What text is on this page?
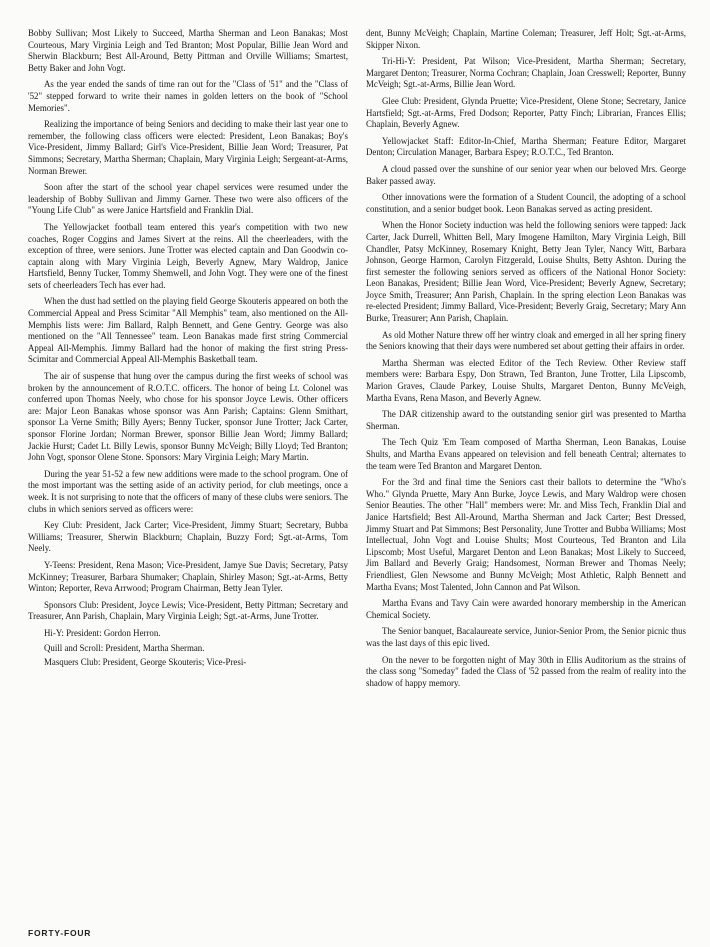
Bobby Sullivan; Most Likely to Succeed, Martha Sherman and Leon Banakas; Most Courteous, Mary Virginia Leigh and Ted Branton; Most Popular, Billie Jean Word and Sherwin Blackburn; Best All-Around, Betty Pittman and Orville Williams; Smartest, Betty Baker and John Vogt.

As the year ended the sands of time ran out for the "Class of '51" and the "Class of '52" stepped forward to write their names in golden letters on the book of "School Memories".

Realizing the importance of being Seniors and deciding to make their last year one to remember, the following class officers were elected: President, Leon Banakas; Boy's Vice-President, Jimmy Ballard; Girl's Vice-President, Billie Jean Word; Treasurer, Pat Simmons; Secretary, Martha Sherman; Chaplain, Mary Virginia Leigh; Sergeant-at-Arms, Norman Brewer.

Soon after the start of the school year chapel services were resumed under the leadership of Bobby Sullivan and Jimmy Garner. These two were also officers of the "Young Life Club" as were Janice Hartsfield and Franklin Dial.

The Yellowjacket football team entered this year's competition with two new coaches, Roger Coggins and James Sivert at the reins. All the cheerleaders, with the exception of three, were seniors. June Trotter was elected captain and Dan Goodwin co-captain along with Mary Virginia Leigh, Beverly Agnew, Mary Waldrop, Janice Hartsfield, Benny Tucker, Tommy Shemwell, and John Vogt. They were one of the finest sets of cheerleaders Tech has ever had.

When the dust had settled on the playing field George Skouteris appeared on both the Commercial Appeal and Press Scimitar "All Memphis" team, also mentioned on the All-Memphis lists were: Jim Ballard, Ralph Bennett, and Gene Gentry. George was also mentioned on the "All Tennessee" team. Leon Banakas made first string Commercial Appeal All-Memphis. Jimmy Ballard had the honor of making the first string Press-Scimitar and Commercial Appeal All-Memphis Basketball team.

The air of suspense that hung over the campus during the first weeks of school was broken by the announcement of R.O.T.C. officers. The honor of being Lt. Colonel was conferred upon Thomas Neely, who chose for his sponsor Joyce Lewis. Other officers are: Major Leon Banakas whose sponsor was Ann Parish; Captains: Glenn Smithart, sponsor La Verne Smith; Billy Ayers; Benny Tucker, sponsor June Trotter; Jack Carter, sponsor Florine Jordan; Norman Brewer, sponsor Billie Jean Word; Jimmy Ballard; Jackie Hurst; Cadet Lt. Billy Lewis, sponsor Bunny McVeigh; Billy Lloyd; Ted Branton; John Vogt, sponsor Olene Stone. Sponsors: Mary Virginia Leigh; Mary Martin.

During the year 51-52 a few new additions were made to the school program. One of the most important was the setting aside of an activity period, for club meetings, once a week. It is not surprising to note that the officers of many of these clubs were seniors. The clubs in which seniors served as officers were:

Key Club: President, Jack Carter; Vice-President, Jimmy Stuart; Secretary, Bubba Williams; Treasurer, Sherwin Blackburn; Chaplain, Buzzy Ford; Sgt.-at-Arms, Tom Neely.

Y-Teens: President, Rena Mason; Vice-President, Jamye Sue Davis; Secretary, Patsy McKinney; Treasurer, Barbara Shumaker; Chaplain, Shirley Mason; Sgt.-at-Arms, Betty Winton; Reporter, Reva Arrwood; Program Chairman, Betty Jean Tyler.

Sponsors Club: President, Joyce Lewis; Vice-President, Betty Pittman; Secretary and Treasurer, Ann Parish, Chaplain, Mary Virginia Leigh; Sgt.-at-Arms, June Trotter.

Hi-Y: President: Gordon Herron.

Quill and Scroll: President, Martha Sherman.

Masquers Club: President, George Skouteris; Vice-Presi-

dent, Bunny McVeigh; Chaplain, Martine Coleman; Treasurer, Jeff Holt; Sgt.-at-Arms, Skipper Nixon.

Tri-Hi-Y: President, Pat Wilson; Vice-President, Martha Sherman; Secretary, Margaret Denton; Treasurer, Norma Cochran; Chaplain, Joan Cresswell; Reporter, Bunny McVeigh; Sgt.-at-Arms, Billie Jean Word.

Glee Club: President, Glynda Pruette; Vice-President, Olene Stone; Secretary, Janice Hartsfield; Sgt.-at-Arms, Fred Dodson; Reporter, Patty Finch; Librarian, Frances Ellis; Chaplain, Beverly Agnew.

Yellowjacket Staff: Editor-In-Chief, Martha Sherman; Feature Editor, Margaret Denton; Circulation Manager, Barbara Espey; R.O.T.C., Ted Branton.

A cloud passed over the sunshine of our senior year when our beloved Mrs. George Baker passed away.

Other innovations were the formation of a Student Council, the adopting of a school constitution, and a senior budget book. Leon Banakas served as acting president.

When the Honor Society induction was held the following seniors were tapped: Jack Carter, Jack Durrell, Whitten Bell, Mary Imogene Hamilton, Mary Virginia Leigh, Bill Chandler, Patsy McKinney, Rosemary Knight, Betty Jean Tyler, Nancy Witt, Barbara Johnson, George Harmon, Carolyn Fitzgerald, Louise Shults, Betty Ashton. During the first semester the following seniors served as officers of the National Honor Society: Leon Banakas, President; Billie Jean Word, Vice-President; Beverly Agnew, Secretary; Joyce Smith, Treasurer; Ann Parish, Chaplain. In the spring election Leon Banakas was re-elected President; Jimmy Ballard, Vice-President; Beverly Graig, Secretary; Mary Ann Burke, Treasurer; Ann Parish, Chaplain.

As old Mother Nature threw off her wintry cloak and emerged in all her spring finery the Seniors knowing that their days were numbered set about getting their affairs in order.

Martha Sherman was elected Editor of the Tech Review. Other Review staff members were: Barbara Espy, Don Strawn, Ted Branton, June Trotter, Lila Lipscomb, Marion Graves, Claude Parkey, Louise Shults, Margaret Denton, Bunny McVeigh, Martha Evans, Rena Mason, and Beverly Agnew.

The DAR citizenship award to the outstanding senior girl was presented to Martha Sherman.

The Tech Quiz 'Em Team composed of Martha Sherman, Leon Banakas, Louise Shults, and Martha Evans appeared on television and fell beneath Central; alternates to the team were Ted Branton and Margaret Denton.

For the 3rd and final time the Seniors cast their ballots to determine the "Who's Who." Glynda Pruette, Mary Ann Burke, Joyce Lewis, and Mary Waldrop were chosen Senior Beauties. The other "Hall" members were: Mr. and Miss Tech, Franklin Dial and Janice Hartsfield; Best All-Around, Martha Sherman and Jack Carter; Best Dressed, Jimmy Stuart and Pat Simmons; Best Personality, June Trotter and Bubba Williams; Most Intellectual, John Vogt and Louise Shults; Most Courteous, Ted Branton and Lila Lipscomb; Most Useful, Margaret Denton and Leon Banakas; Most Likely to Succeed, Jim Ballard and Beverly Graig; Handsomest, Norman Brewer and Thomas Neely; Friendliest, Glen Newsome and Bunny McVeigh; Most Athletic, Ralph Bennett and Martha Evans; Most Talented, John Cannon and Pat Wilson.

Martha Evans and Tavy Cain were awarded honorary membership in the American Chemical Society.

The Senior banquet, Bacalaureate service, Junior-Senior Prom, the Senior picnic thus was the last days of this epic lived.

On the never to be forgotten night of May 30th in Ellis Auditorium as the strains of the class song "Someday" faded the Class of '52 passed from the realm of reality into the shadow of happy memory.

FORTY-FOUR
